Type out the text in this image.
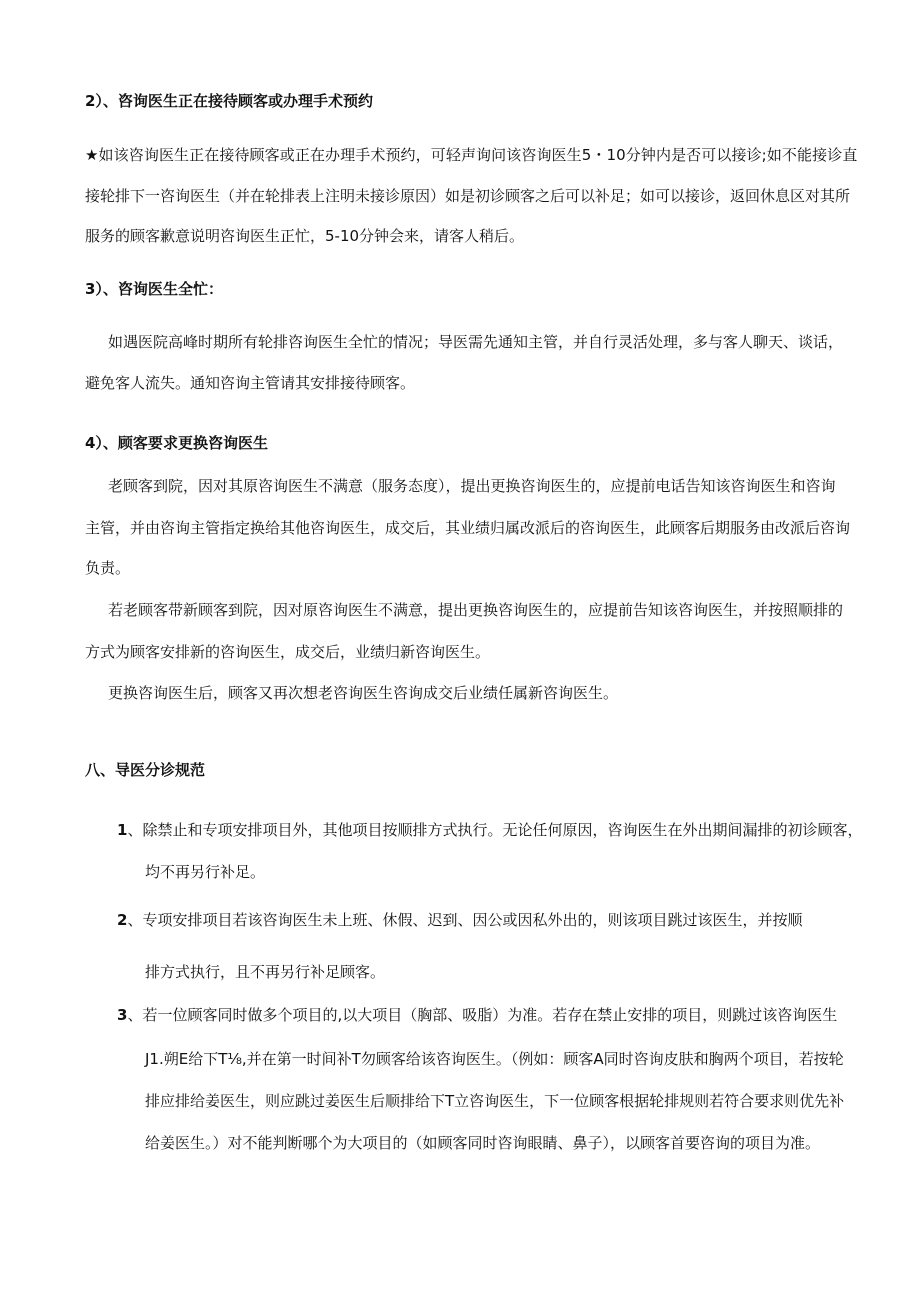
2）、咨询医生正在接待顾客或办理手术预约
★如该咨询医生正在接待顾客或正在办理手术预约，可轻声询问该咨询医生5・10分钟内是否可以接诊;如不能接诊直
接轮排下一咨询医生（并在轮排表上注明未接诊原因）如是初诊顾客之后可以补足；如可以接诊，返回休息区对其所
服务的顾客歉意说明咨询医生正忙，5-10分钟会来，请客人稍后。
3）、咨询医生全忙：
如遇医院高峰时期所有轮排咨询医生全忙的情况；导医需先通知主管，并自行灵活处理，多与客人聊天、谈话，
避免客人流失。通知咨询主管请其安排接待顾客。
4）、顾客要求更换咨询医生
老顾客到院，因对其原咨询医生不满意（服务态度），提出更换咨询医生的，应提前电话告知该咨询医生和咨询
主管，并由咨询主管指定换给其他咨询医生，成交后，其业绩归属改派后的咨询医生，此顾客后期服务由改派后咨询
负责。
若老顾客带新顾客到院，因对原咨询医生不满意，提出更换咨询医生的，应提前告知该咨询医生，并按照顺排的
方式为顾客安排新的咨询医生，成交后，业绩归新咨询医生。
更换咨询医生后，顾客又再次想老咨询医生咨询成交后业绩任属新咨询医生。
八、导医分诊规范
1、除禁止和专项安排项目外，其他项目按顺排方式执行。无论任何原因，咨询医生在外出期间漏排的初诊顾客，
均不再另行补足。
2、专项安排项目若该咨询医生未上班、休假、迟到、因公或因私外出的，则该项目跳过该医生，并按顺
排方式执行，且不再另行补足顾客。
3、若一位顾客同时做多个项目的,以大项目（胸部、吸脂）为准。若存在禁止安排的项目，则跳过该咨询医生
J1.朔E给下T⅛,并在第一时间补T勿顾客给该咨询医生。（例如：顾客A同时咨询皮肤和胸两个项目，若按轮
排应排给姜医生，则应跳过姜医生后顺排给下T立咨询医生，下一位顾客根据轮排规则若符合要求则优先补
给姜医生。）对不能判断哪个为大项目的（如顾客同时咨询眼睛、鼻子），以顾客首要咨询的项目为准。
